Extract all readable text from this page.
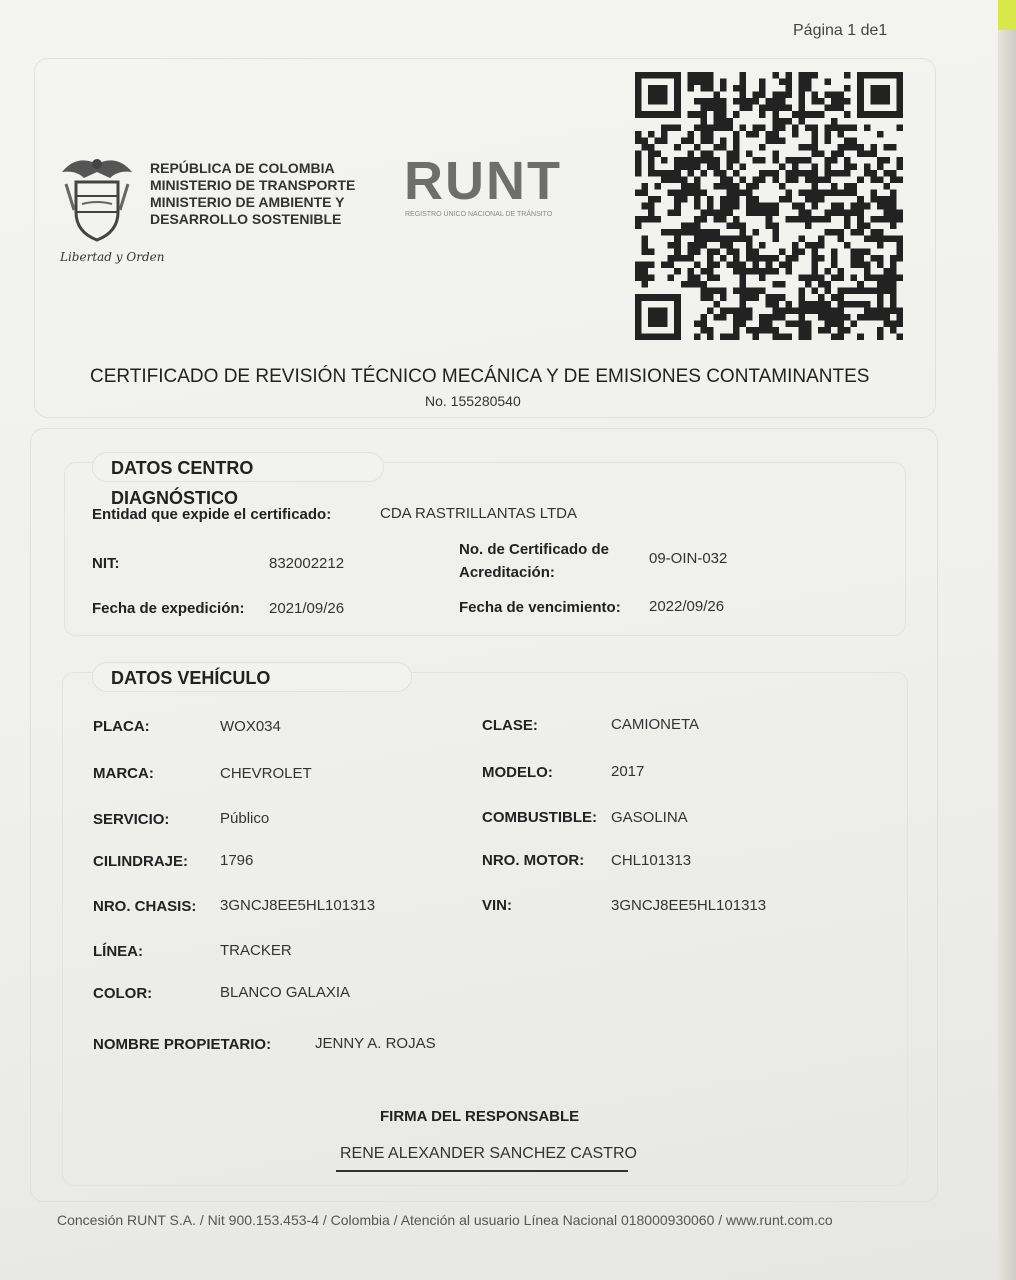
Página 1 de1
Libertad y Orden
REPÚBLICA DE COLOMBIA
MINISTERIO DE TRANSPORTE
MINISTERIO DE AMBIENTE Y
DESARROLLO SOSTENIBLE
RUNT
REGISTRO ÚNICO NACIONAL DE TRÁNSITO
CERTIFICADO DE REVISIÓN TÉCNICO MECÁNICA Y DE EMISIONES CONTAMINANTES
No. 155280540
DATOS CENTRO DIAGNÓSTICO
Entidad que expide el certificado:	CDA RASTRILLANTAS LTDA
NIT:	832002212
No. de Certificado de
Acreditación:
09-OIN-032
Fecha de expedición: 2021/09/26	Fecha de vencimiento: 2022/09/26
DATOS VEHÍCULO
PLACA:	WOX034	CLASE:	CAMIONETA
MARCA:	CHEVROLET	MODELO:	2017
SERVICIO:	Público	COMBUSTIBLE: GASOLINA
CILINDRAJE: 1796	NRO. MOTOR: CHL101313
NRO. CHASIS: 3GNCJ8EE5HL101313	VIN:	3GNCJ8EE5HL101313
LÍNEA:	TRACKER
COLOR:	BLANCO GALAXIA
NOMBRE PROPIETARIO:	JENNY A. ROJAS
FIRMA DEL RESPONSABLE
RENE ALEXANDER SANCHEZ CASTRO
Concesión RUNT S.A. / Nit 900.153.453-4 / Colombia / Atención al usuario Línea Nacional 018000930060 / www.runt.com.co
